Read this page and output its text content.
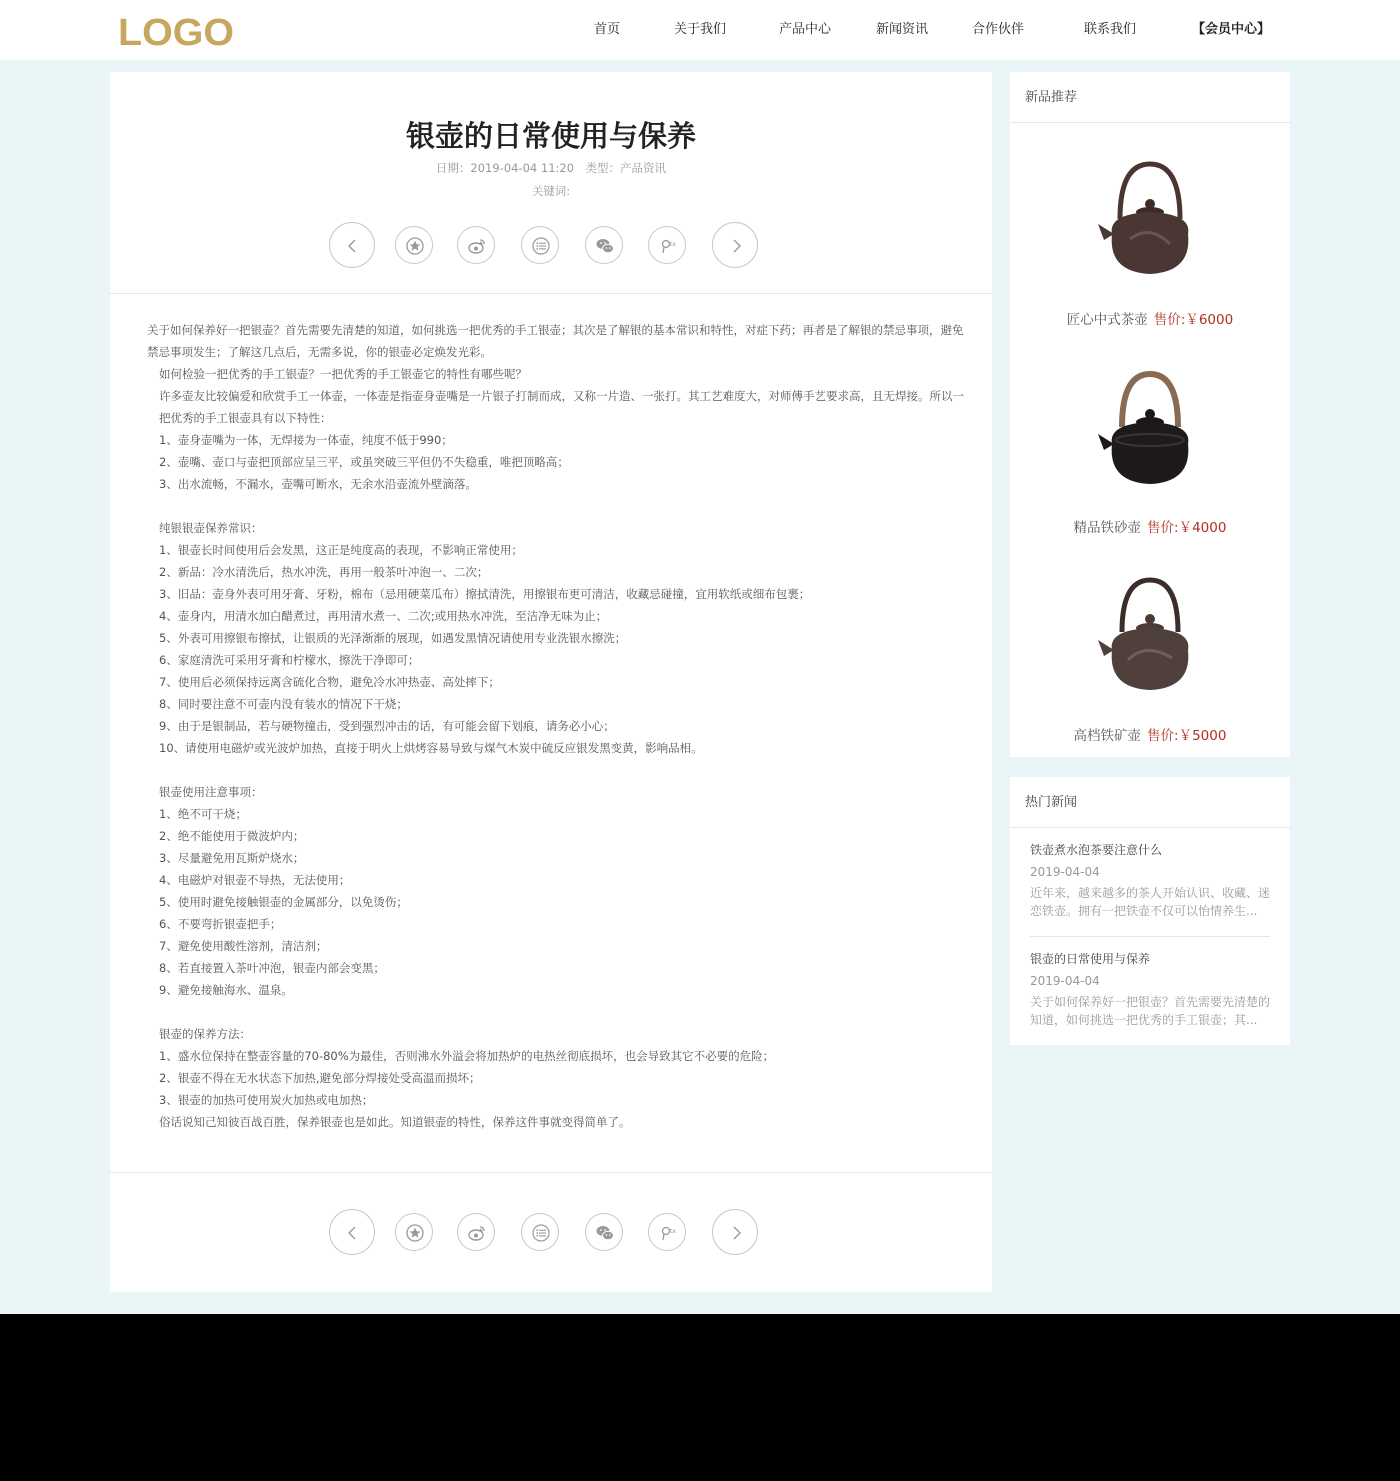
LOGO	首页	关于我们	产品中心	新闻资讯	合作伙伴	联系我们	【会员中心】
银壶的日常使用与保养
日期：2019-04-04 11:20　类型：产品资讯
关键词:
tx

关于如何保养好一把银壶？首先需要先清楚的知道，如何挑选一把优秀的手工银壶；其次是了解银的基本常识和特性，对症下药；再者是了解银的禁忌事项，避免禁忌事项发生；了解这几点后，无需多说，你的银壶必定焕发光彩。

如何检验一把优秀的手工银壶？一把优秀的手工银壶它的特性有哪些呢？

许多壶友比较偏爱和欣赏手工一体壶，一体壶是指壶身壶嘴是一片银子打制而成，又称一片造、一张打。其工艺难度大，对师傅手艺要求高，且无焊接。所以一把优秀的手工银壶具有以下特性：

1、壶身壶嘴为一体，无焊接为一体壶，纯度不低于990；

2、壶嘴、壶口与壶把顶部应呈三平，或虽突破三平但仍不失稳重，唯把顶略高；

3、出水流畅，不漏水，壶嘴可断水，无余水沿壶流外壁滴落。

纯银银壶保养常识：

1、银壶长时间使用后会发黑，这正是纯度高的表现，不影响正常使用；

2、新品：冷水清洗后，热水冲洗，再用一般茶叶冲泡一、二次；

3、旧品：壶身外表可用牙膏、牙粉，棉布（忌用硬菜瓜布）擦拭清洗，用擦银布更可清洁，收藏忌碰撞，宜用软纸或细布包裹；

4、壶身内，用清水加白醋煮过，再用清水煮一、二次;或用热水冲洗，至洁净无味为止；

5、外表可用擦银布擦拭，让银质的光泽渐渐的展现，如遇发黑情况请使用专业洗银水擦洗；

6、家庭清洗可采用牙膏和柠檬水，擦洗干净即可；

7、使用后必须保持远离含硫化合物，避免冷水冲热壶、高处摔下；

8、同时要注意不可壶内没有装水的情况下干烧；

9、由于是银制品，若与硬物撞击，受到强烈冲击的话，有可能会留下划痕，请务必小心；

10、请使用电磁炉或光波炉加热，直接于明火上烘烤容易导致与煤气木炭中硫反应银发黑变黄，影响品相。

银壶使用注意事项：

1、绝不可干烧；

2、绝不能使用于微波炉内；

3、尽量避免用瓦斯炉烧水；

4、电磁炉对银壶不导热，无法使用；

5、使用时避免接触银壶的金属部分，以免烫伤；

6、不要弯折银壶把手；

7、避免使用酸性溶剂，清洁剂；

8、若直接置入茶叶冲泡，银壶内部会变黑；

9、避免接触海水、温泉。

银壶的保养方法：

1、盛水位保持在整壶容量的70-80%为最佳，否则沸水外溢会将加热炉的电热丝彻底损坏，也会导致其它不必要的危险；

2、银壶不得在无水状态下加热,避免部分焊接处受高温而损坏；

3、银壶的加热可使用炭火加热或电加热；

俗话说知己知彼百战百胜，保养银壶也是如此。知道银壶的特性，保养这件事就变得简单了。

tx
新品推荐
匠心中式茶壶 售价:￥6000
精品铁砂壶 售价:￥4000
高档铁矿壶 售价:￥5000
热门新闻
铁壶煮水泡茶要注意什么
2019-04-04
近年来，越来越多的茶人开始认识、收藏、迷恋铁壶。拥有一把铁壶不仅可以怡情养生...
银壶的日常使用与保养
2019-04-04
关于如何保养好一把银壶？首先需要先清楚的知道，如何挑选一把优秀的手工银壶；其...
